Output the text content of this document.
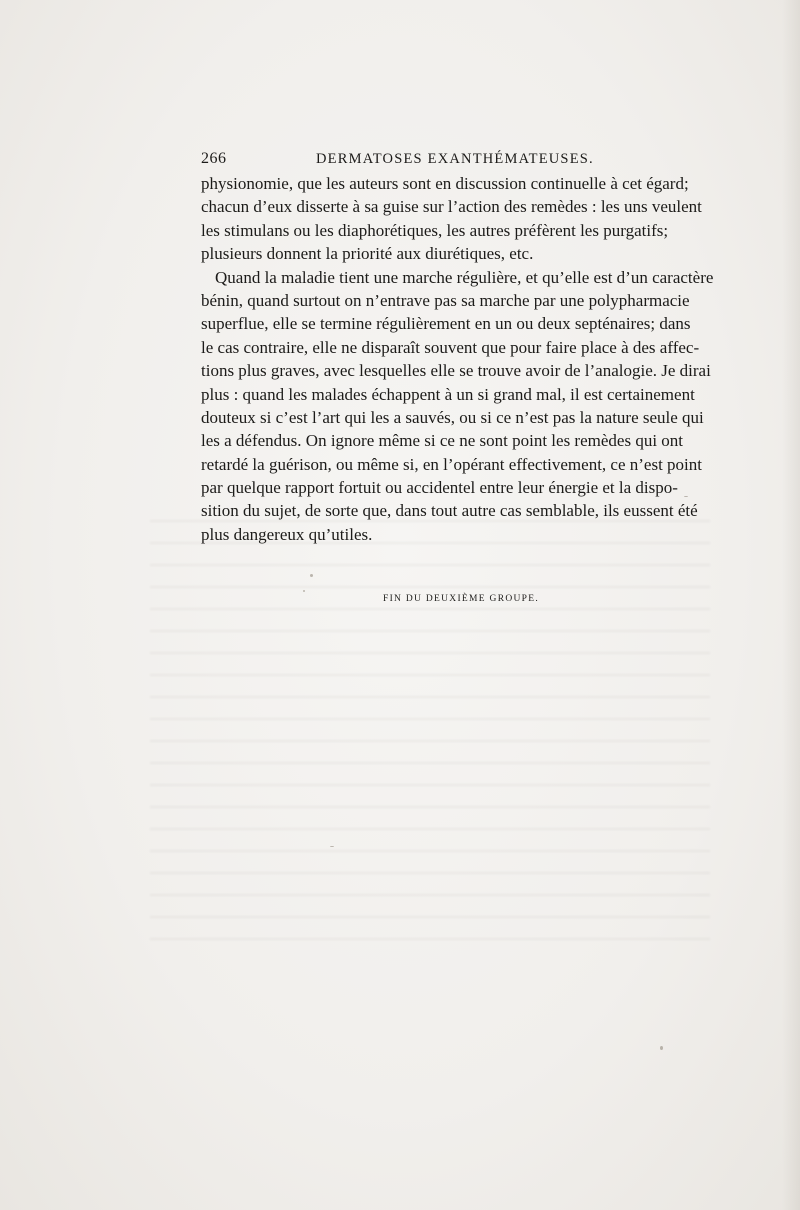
266	DERMATOSES EXANTHÉMATEUSES.
physionomie, que les auteurs sont en discussion continuelle à cet égard;
chacun d’eux disserte à sa guise sur l’action des remèdes : les uns veulent
les stimulans ou les diaphorétiques, les autres préfèrent les purgatifs;
plusieurs donnent la priorité aux diurétiques, etc.
Quand la maladie tient une marche régulière, et qu’elle est d’un caractère
bénin, quand surtout on n’entrave pas sa marche par une polypharmacie
superflue, elle se termine régulièrement en un ou deux septénaires; dans
le cas contraire, elle ne disparaît souvent que pour faire place à des affec-
tions plus graves, avec lesquelles elle se trouve avoir de l’analogie. Je dirai
plus : quand les malades échappent à un si grand mal, il est certainement
douteux si c’est l’art qui les a sauvés, ou si ce n’est pas la nature seule qui
les a défendus. On ignore même si ce ne sont point les remèdes qui ont
retardé la guérison, ou même si, en l’opérant effectivement, ce n’est point
par quelque rapport fortuit ou accidentel entre leur énergie et la dispo-
sition du sujet, de sorte que, dans tout autre cas semblable, ils eussent été
plus dangereux qu’utiles.
FIN DU DEUXIÈME GROUPE.
